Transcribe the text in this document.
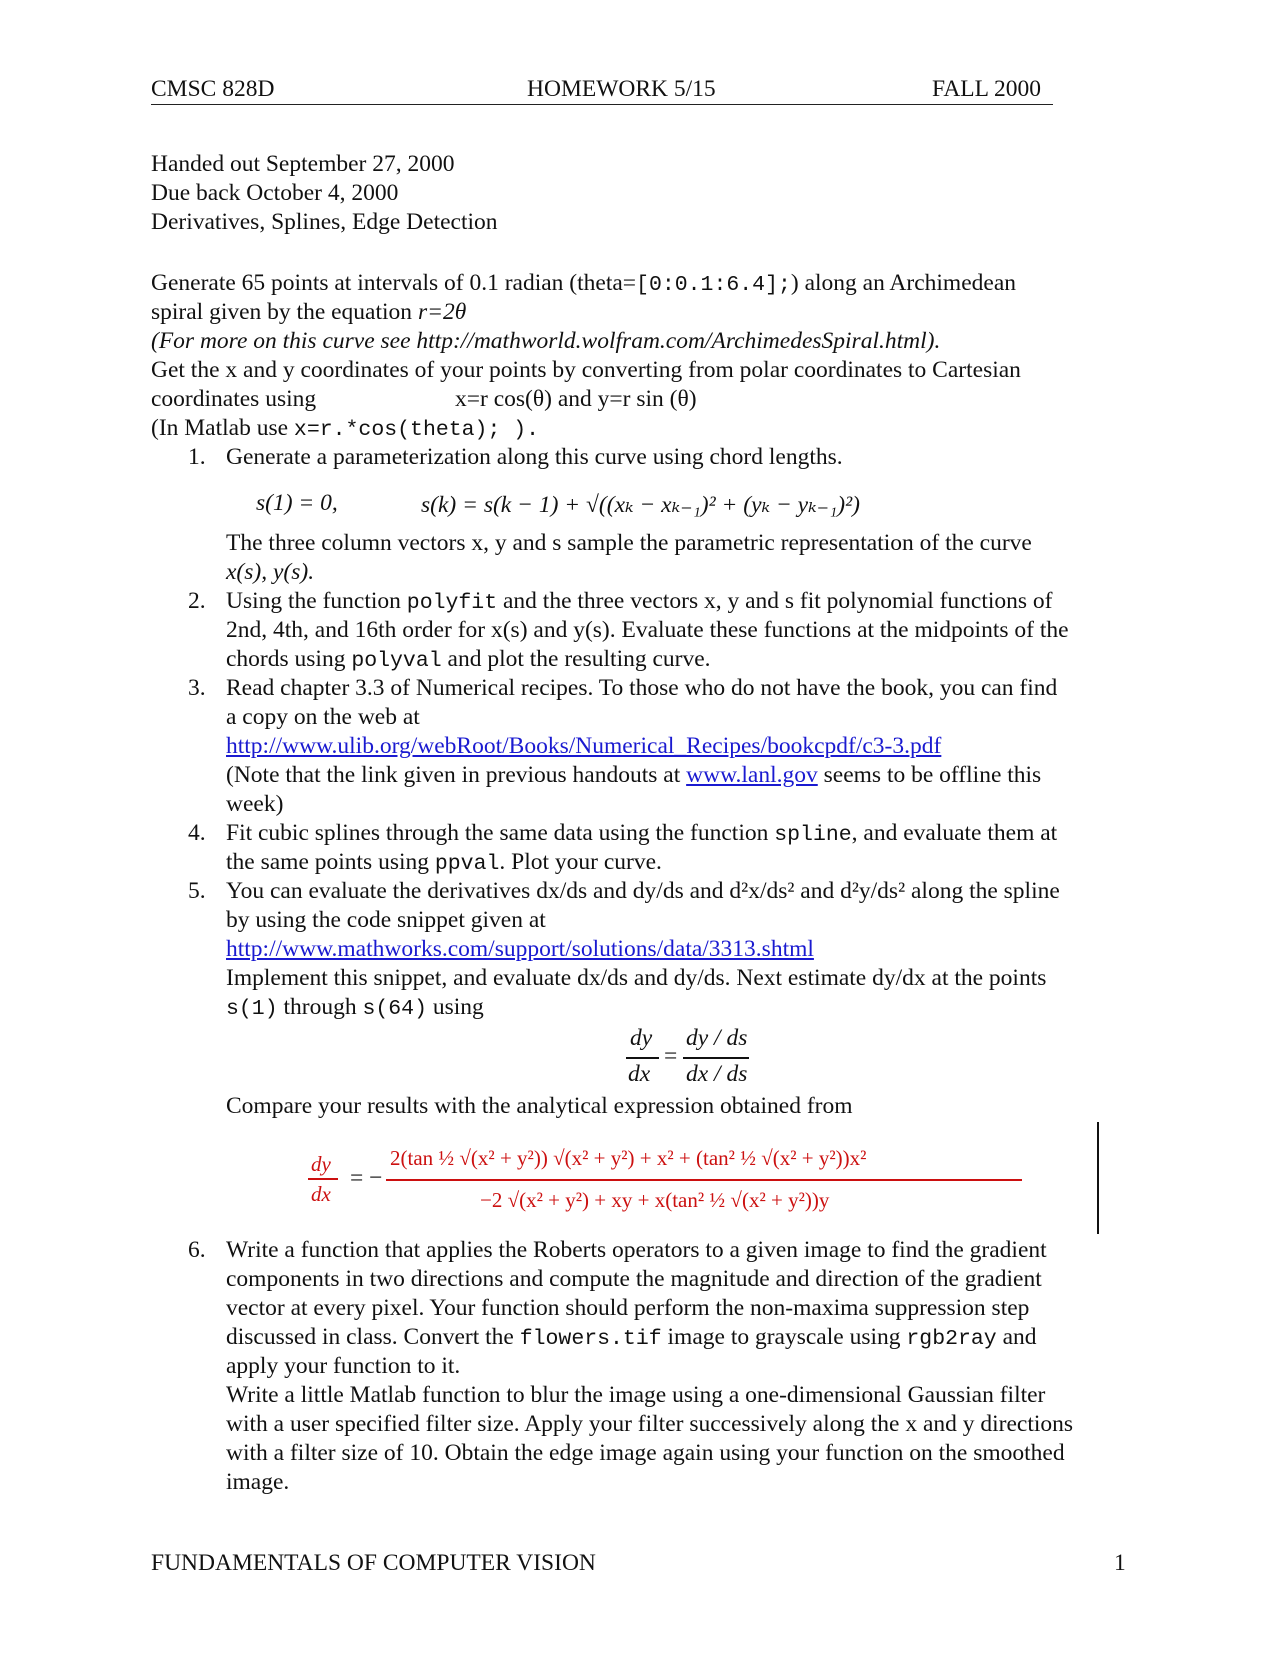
CMSC 828D	HOMEWORK 5/15	FALL 2000
Handed out September 27, 2000
Due back October 4, 2000
Derivatives, Splines, Edge Detection
Generate 65 points at intervals of 0.1 radian (theta=[0:0.1:6.4];) along an Archimedean
spiral given by the equation r=2θ
(For more on this curve see http://mathworld.wolfram.com/ArchimedesSpiral.html).
Get the x and y coordinates of your points by converting from polar coordinates to Cartesian
coordinates using	x=r cos(θ) and y=r sin (θ)
(In Matlab use x=r.*cos(theta); ).
1. Generate a parameterization along this curve using chord lengths.
s(1) = 0,	s(k) = s(k − 1) + √((xₖ − xₖ₋₁)² + (yₖ − yₖ₋₁)²)
The three column vectors x, y and s sample the parametric representation of the curve
x(s), y(s).
2. Using the function polyfit and the three vectors x, y and s fit polynomial functions of
2nd, 4th, and 16th order for x(s) and y(s). Evaluate these functions at the midpoints of the
chords using polyval and plot the resulting curve.
3. Read chapter 3.3 of Numerical recipes. To those who do not have the book, you can find
a copy on the web at
http://www.ulib.org/webRoot/Books/Numerical_Recipes/bookcpdf/c3-3.pdf
(Note that the link given in previous handouts at www.lanl.gov seems to be offline this
week)
4. Fit cubic splines through the same data using the function spline, and evaluate them at
the same points using ppval. Plot your curve.
5. You can evaluate the derivatives dx/ds and dy/ds and d²x/ds² and d²y/ds² along the spline
by using the code snippet given at
http://www.mathworks.com/support/solutions/data/3313.shtml
Implement this snippet, and evaluate dx/ds and dy/ds. Next estimate dy/dx at the points
s(1) through s(64) using
dy
dx
=
dy / ds
dx / ds
Compare your results with the analytical expression obtained from
dy
dx
= −
2(tan ½ √(x² + y²)) √(x² + y²) + x² + (tan² ½ √(x² + y²))x²
−2 √(x² + y²) + xy + x(tan² ½ √(x² + y²))y
6. Write a function that applies the Roberts operators to a given image to find the gradient
components in two directions and compute the magnitude and direction of the gradient
vector at every pixel. Your function should perform the non-maxima suppression step
discussed in class. Convert the flowers.tif image to grayscale using rgb2ray and
apply your function to it.
Write a little Matlab function to blur the image using a one-dimensional Gaussian filter
with a user specified filter size. Apply your filter successively along the x and y directions
with a filter size of 10. Obtain the edge image again using your function on the smoothed
image.
FUNDAMENTALS OF COMPUTER VISION	1
